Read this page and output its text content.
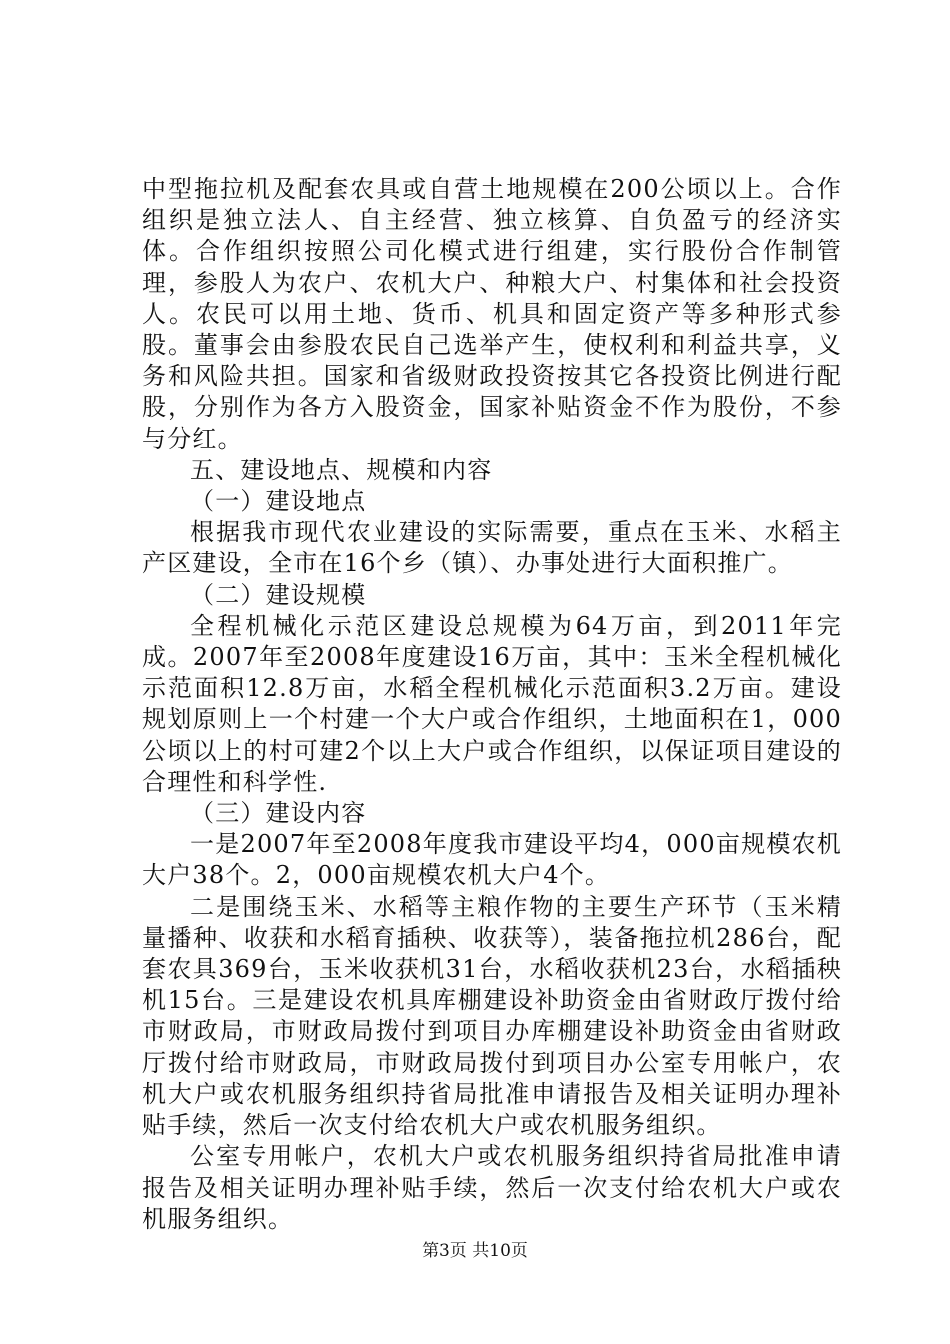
中型拖拉机及配套农具或自营土地规模在200公顷以上。合作组织是独立法人、自主经营、独立核算、自负盈亏的经济实体。合作组织按照公司化模式进行组建，实行股份合作制管理，参股人为农户、农机大户、种粮大户、村集体和社会投资人。农民可以用土地、货币、机具和固定资产等多种形式参股。董事会由参股农民自己选举产生，使权利和利益共享，义务和风险共担。国家和省级财政投资按其它各投资比例进行配股，分别作为各方入股资金，国家补贴资金不作为股份，不参与分红。

五、建设地点、规模和内容

（一）建设地点

根据我市现代农业建设的实际需要，重点在玉米、水稻主产区建设，全市在16个乡（镇）、办事处进行大面积推广。

（二）建设规模

全程机械化示范区建设总规模为64万亩，到2011年完成。2007年至2008年度建设16万亩，其中：玉米全程机械化示范面积12.8万亩，水稻全程机械化示范面积3.2万亩。建设规划原则上一个村建一个大户或合作组织，土地面积在1，000公顷以上的村可建2个以上大户或合作组织，以保证项目建设的合理性和科学性.

（三）建设内容

一是2007年至2008年度我市建设平均4，000亩规模农机大户38个。2，000亩规模农机大户4个。

二是围绕玉米、水稻等主粮作物的主要生产环节（玉米精量播种、收获和水稻育插秧、收获等），装备拖拉机286台，配套农具369台，玉米收获机31台，水稻收获机23台，水稻插秧机15台。三是建设农机具库棚建设补助资金由省财政厅拨付给市财政局，市财政局拨付到项目办库棚建设补助资金由省财政厅拨付给市财政局，市财政局拨付到项目办公室专用帐户，农机大户或农机服务组织持省局批准申请报告及相关证明办理补贴手续，然后一次支付给农机大户或农机服务组织。

公室专用帐户，农机大户或农机服务组织持省局批准申请报告及相关证明办理补贴手续，然后一次支付给农机大户或农机服务组织。

第3页 共10页
